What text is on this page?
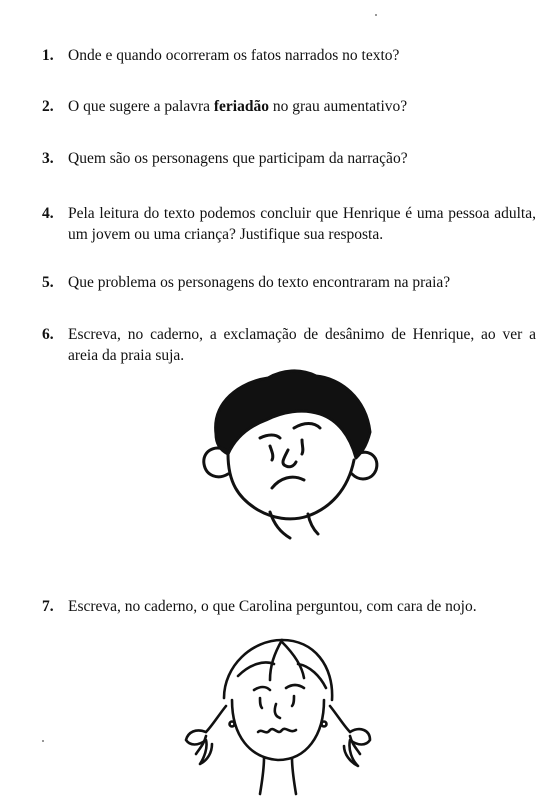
1. Onde e quando ocorreram os fatos narrados no texto?
2. O que sugere a palavra feriadão no grau aumentativo?
3. Quem são os personagens que participam da narração?
4. Pela leitura do texto podemos concluir que Henrique é uma pessoa adulta, um jovem ou uma criança? Justifique sua resposta.
5. Que problema os personagens do texto encontraram na praia?
6. Escreva, no caderno, a exclamação de desânimo de Henrique, ao ver a areia da praia suja.
7. Escreva, no caderno, o que Carolina perguntou, com cara de nojo.
